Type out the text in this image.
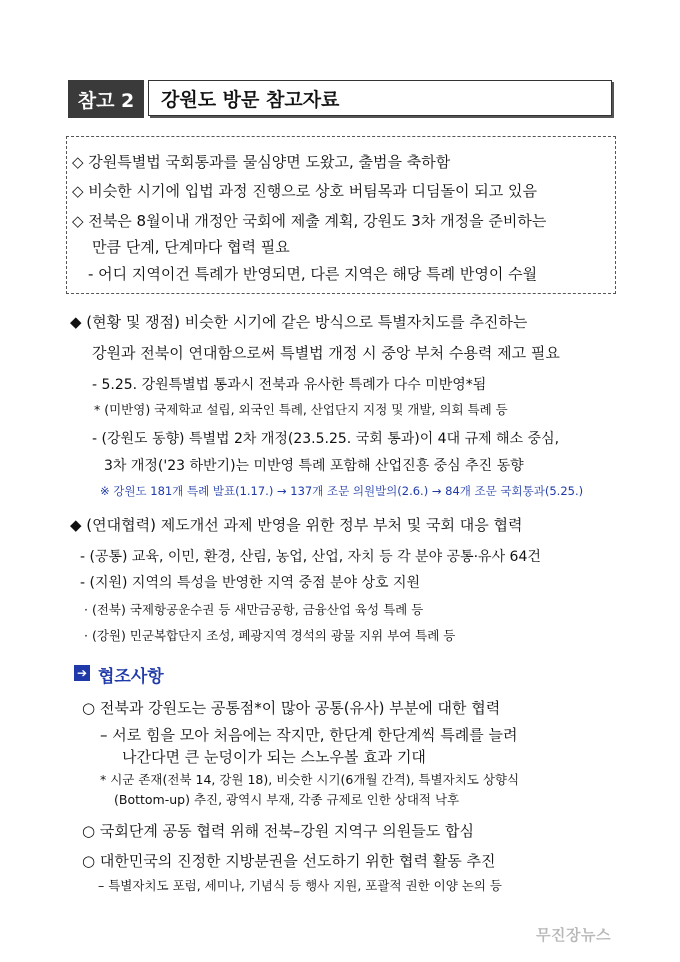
참고 2	강원도 방문 참고자료
◇ 강원특별법 국회통과를 물심양면 도왔고, 출범을 축하함
◇ 비슷한 시기에 입법 과정 진행으로 상호 버팀목과 디딤돌이 되고 있음
◇ 전북은 8월이내 개정안 국회에 제출 계획, 강원도 3차 개정을 준비하는
만큼 단계, 단계마다 협력 필요
- 어디 지역이건 특례가 반영되면, 다른 지역은 해당 특례 반영이 수월
◆ (현황 및 쟁점) 비슷한 시기에 같은 방식으로 특별자치도를 추진하는
강원과 전북이 연대함으로써 특별법 개정 시 중앙 부처 수용력 제고 필요
- 5.25. 강원특별법 통과시 전북과 유사한 특례가 다수 미반영*됨
* (미반영) 국제학교 설립, 외국인 특례, 산업단지 지정 및 개발, 의회 특례 등
- (강원도 동향) 특별법 2차 개정(23.5.25. 국회 통과)이 4대 규제 해소 중심,
3차 개정('23 하반기)는 미반영 특례 포함해 산업진흥 중심 추진 동향
※ 강원도 181개 특례 발표(1.17.) → 137개 조문 의원발의(2.6.) → 84개 조문 국회통과(5.25.)
◆ (연대협력) 제도개선 과제 반영을 위한 정부 부처 및 국회 대응 협력
- (공통) 교육, 이민, 환경, 산림, 농업, 산업, 자치 등 각 분야 공통·유사 64건
- (지원) 지역의 특성을 반영한 지역 중점 분야 상호 지원
· (전북) 국제항공운수권 등 새만금공항, 금융산업 육성 특례 등
· (강원) 민군복합단지 조성, 폐광지역 경석의 광물 지위 부여 특례 등
➔ 협조사항
○ 전북과 강원도는 공통점*이 많아 공통(유사) 부분에 대한 협력
– 서로 힘을 모아 처음에는 작지만, 한단계 한단계씩 특례를 늘려
나간다면 큰 눈덩이가 되는 스노우볼 효과 기대
* 시군 존재(전북 14, 강원 18), 비슷한 시기(6개월 간격), 특별자치도 상향식
(Bottom-up) 추진, 광역시 부재, 각종 규제로 인한 상대적 낙후
○ 국회단계 공동 협력 위해 전북–강원 지역구 의원들도 합심
○ 대한민국의 진정한 지방분권을 선도하기 위한 협력 활동 추진
– 특별자치도 포럼, 세미나, 기념식 등 행사 지원, 포괄적 권한 이양 논의 등
무진장뉴스
